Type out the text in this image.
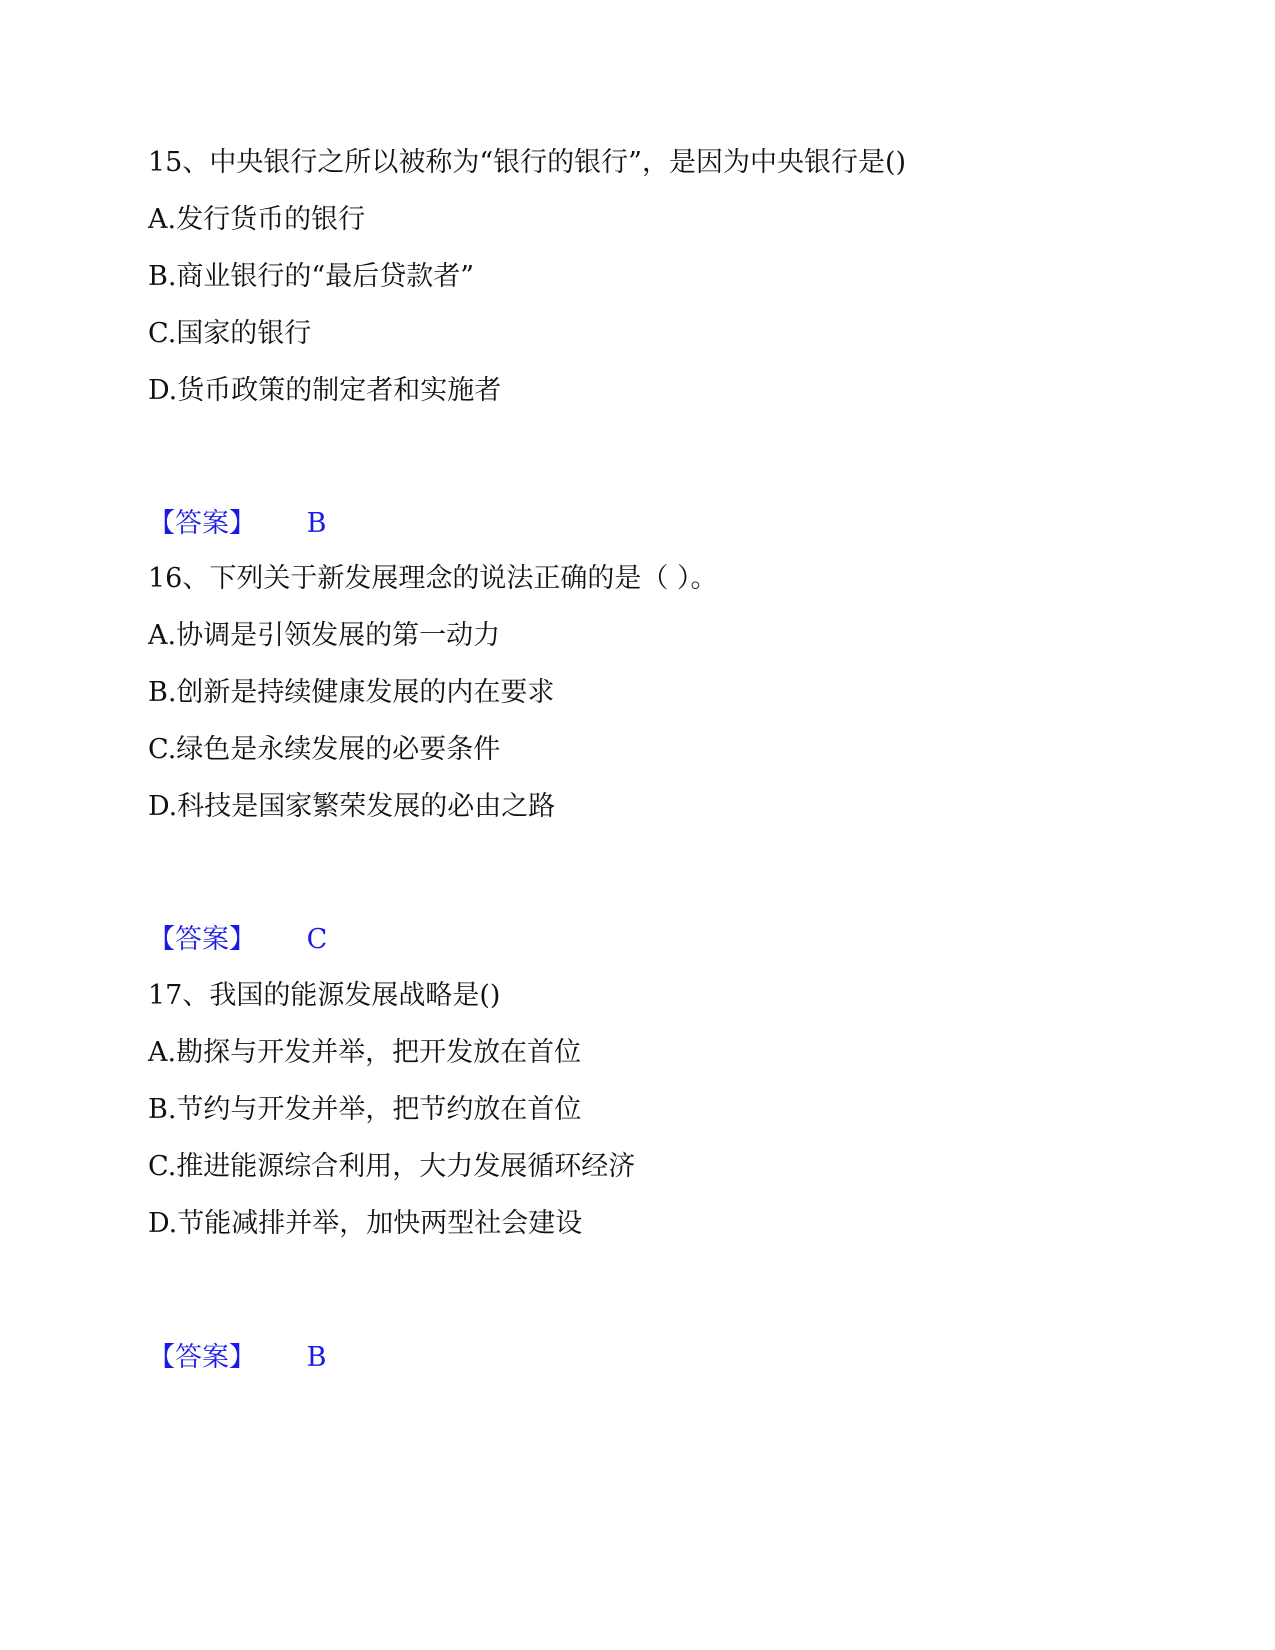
15、中央银行之所以被称为“银行的银行”，是因为中央银行是()
A.发行货币的银行
B.商业银行的“最后贷款者”
C.国家的银行
D.货币政策的制定者和实施者
【答案】 B
16、下列关于新发展理念的说法正确的是（ ）。
A.协调是引领发展的第一动力
B.创新是持续健康发展的内在要求
C.绿色是永续发展的必要条件
D.科技是国家繁荣发展的必由之路
【答案】 C
17、我国的能源发展战略是()
A.勘探与开发并举，把开发放在首位
B.节约与开发并举，把节约放在首位
C.推进能源综合利用，大力发展循环经济
D.节能减排并举，加快两型社会建设
【答案】 B
